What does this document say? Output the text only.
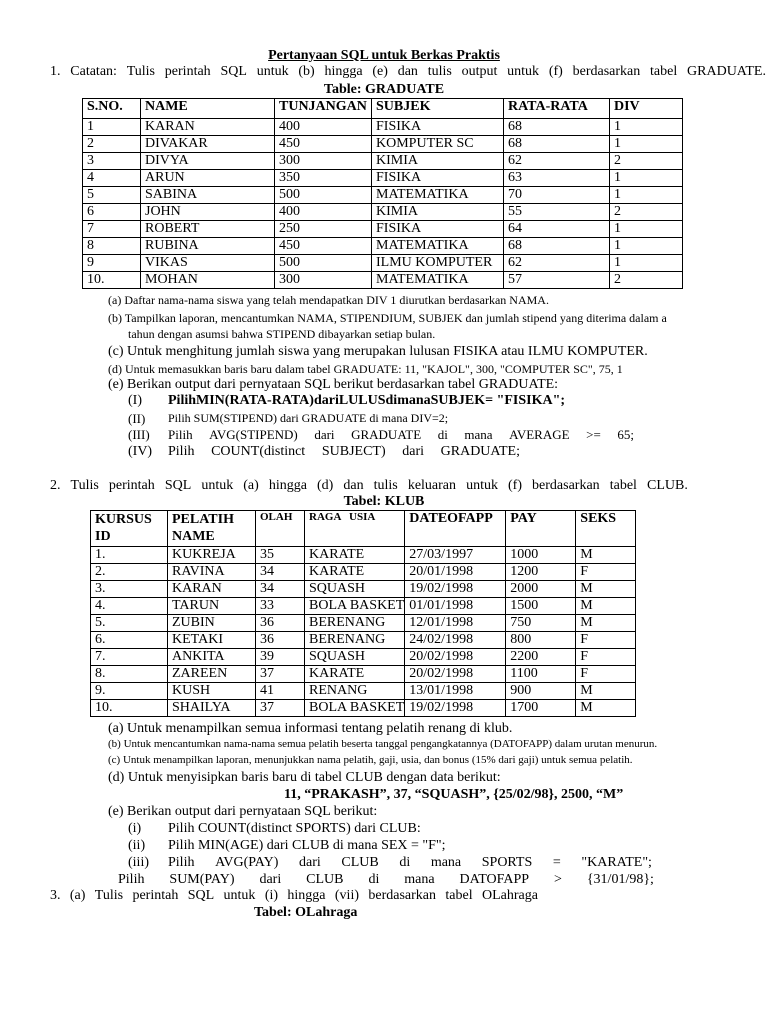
Pertanyaan SQL untuk Berkas Praktis
1. Catatan: Tulis perintah SQL untuk (b) hingga (e) dan tulis output untuk (f) berdasarkan tabel GRADUATE.
Table: GRADUATE
S.NO.	NAME	TUNJANGAN	SUBJEK	RATA-RATA	DIV
1	KARAN	400	FISIKA	68	1
2	DIVAKAR	450	KOMPUTER SC	68	1
3	DIVYA	300	KIMIA	62	2
4	ARUN	350	FISIKA	63	1
5	SABINA	500	MATEMATIKA	70	1
6	JOHN	400	KIMIA	55	2
7	ROBERT	250	FISIKA	64	1
8	RUBINA	450	MATEMATIKA	68	1
9	VIKAS	500	ILMU KOMPUTER	62	1
10.	MOHAN	300	MATEMATIKA	57	2
(a) Daftar nama-nama siswa yang telah mendapatkan DIV 1 diurutkan berdasarkan NAMA.
(b) Tampilkan laporan, mencantumkan NAMA, STIPENDIUM, SUBJEK dan jumlah stipend yang diterima dalam a
tahun dengan asumsi bahwa STIPEND dibayarkan setiap bulan.
(c) Untuk menghitung jumlah siswa yang merupakan lulusan FISIKA atau ILMU KOMPUTER.
(d) Untuk memasukkan baris baru dalam tabel GRADUATE: 11, "KAJOL", 300, "COMPUTER SC", 75, 1
(e) Berikan output dari pernyataan SQL berikut berdasarkan tabel GRADUATE:
(I) PilihMIN(RATA-RATA)dariLULUSdimanaSUBJEK= "FISIKA";
(II) Pilih SUM(STIPEND) dari GRADUATE di mana DIV=2;
(III) Pilih AVG(STIPEND) dari GRADUATE di mana AVERAGE >= 65;
(IV) Pilih COUNT(distinct SUBJECT) dari GRADUATE;
2. Tulis perintah SQL untuk (a) hingga (d) dan tulis keluaran untuk (f) berdasarkan tabel CLUB.
Tabel: KLUB
KURSUS ID	PELATIH NAME	OLAH	RAGA   USIA	DATEOFAPP	PAY	SEKS
1.	KUKREJA	35	KARATE	27/03/1997	1000	M
2.	RAVINA	34	KARATE	20/01/1998	1200	F
3.	KARAN	34	SQUASH	19/02/1998	2000	M
4.	TARUN	33	BOLA BASKET	01/01/1998	1500	M
5.	ZUBIN	36	BERENANG	12/01/1998	750	M
6.	KETAKI	36	BERENANG	24/02/1998	800	F
7.	ANKITA	39	SQUASH	20/02/1998	2200	F
8.	ZAREEN	37	KARATE	20/02/1998	1100	F
9.	KUSH	41	RENANG	13/01/1998	900	M
10.	SHAILYA	37	BOLA BASKET	19/02/1998	1700	M
(a) Untuk menampilkan semua informasi tentang pelatih renang di klub.
(b) Untuk mencantumkan nama-nama semua pelatih beserta tanggal pengangkatannya (DATOFAPP) dalam urutan menurun.
(c) Untuk menampilkan laporan, menunjukkan nama pelatih, gaji, usia, dan bonus (15% dari gaji) untuk semua pelatih.
(d) Untuk menyisipkan baris baru di tabel CLUB dengan data berikut:
11, “PRAKASH”, 37, “SQUASH”, {25/02/98}, 2500, “M”
(e) Berikan output dari pernyataan SQL berikut:
(i) Pilih COUNT(distinct SPORTS) dari CLUB:
(ii) Pilih MIN(AGE) dari CLUB di mana SEX = "F";
(iii) Pilih AVG(PAY) dari CLUB di mana SPORTS = "KARATE";
Pilih SUM(PAY) dari CLUB di mana DATOFAPP > {31/01/98};
3. (a) Tulis perintah SQL untuk (i) hingga (vii) berdasarkan tabel OLahraga
Tabel: OLahraga
